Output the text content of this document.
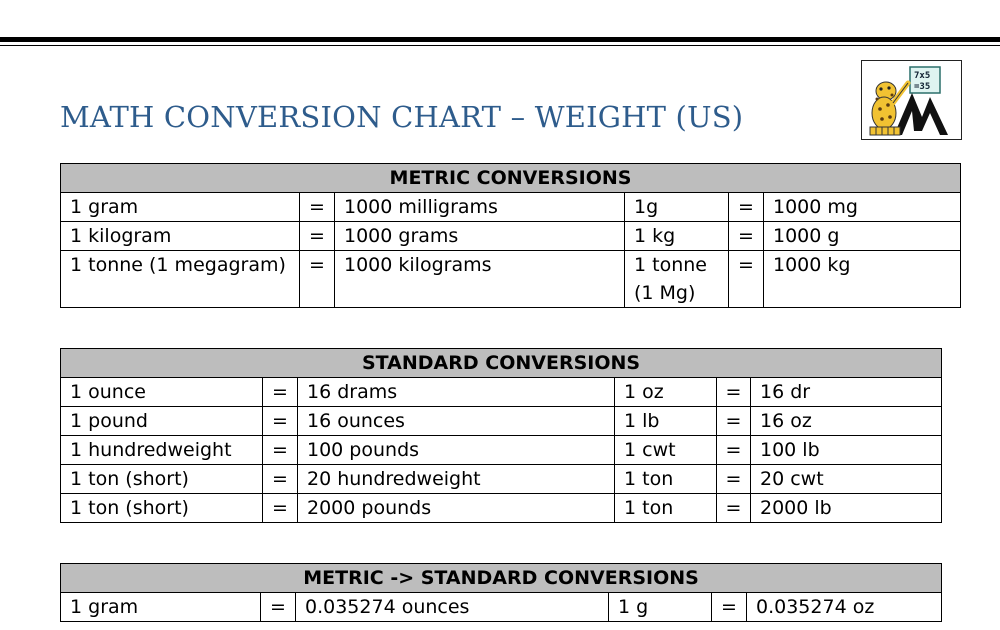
MATH CONVERSION CHART – WEIGHT (US)
7x5
=35
METRIC CONVERSIONS					
1 gram	=	1000 milligrams	1g	=	1000 mg
1 kilogram	=	1000 grams	1 kg	=	1000 g
1 tonne (1 megagram)	=	1000 kilograms	1 tonne (1 Mg)	=	1000 kg
STANDARD CONVERSIONS					
1 ounce	=	16 drams	1 oz	=	16 dr
1 pound	=	16 ounces	1 lb	=	16 oz
1 hundredweight	=	100 pounds	1 cwt	=	100 lb
1 ton (short)	=	20 hundredweight	1 ton	=	20 cwt
1 ton (short)	=	2000 pounds	1 ton	=	2000 lb
METRIC -> STANDARD CONVERSIONS
1 gram	=	0.035274 ounces	1 g	=	0.035274 oz
